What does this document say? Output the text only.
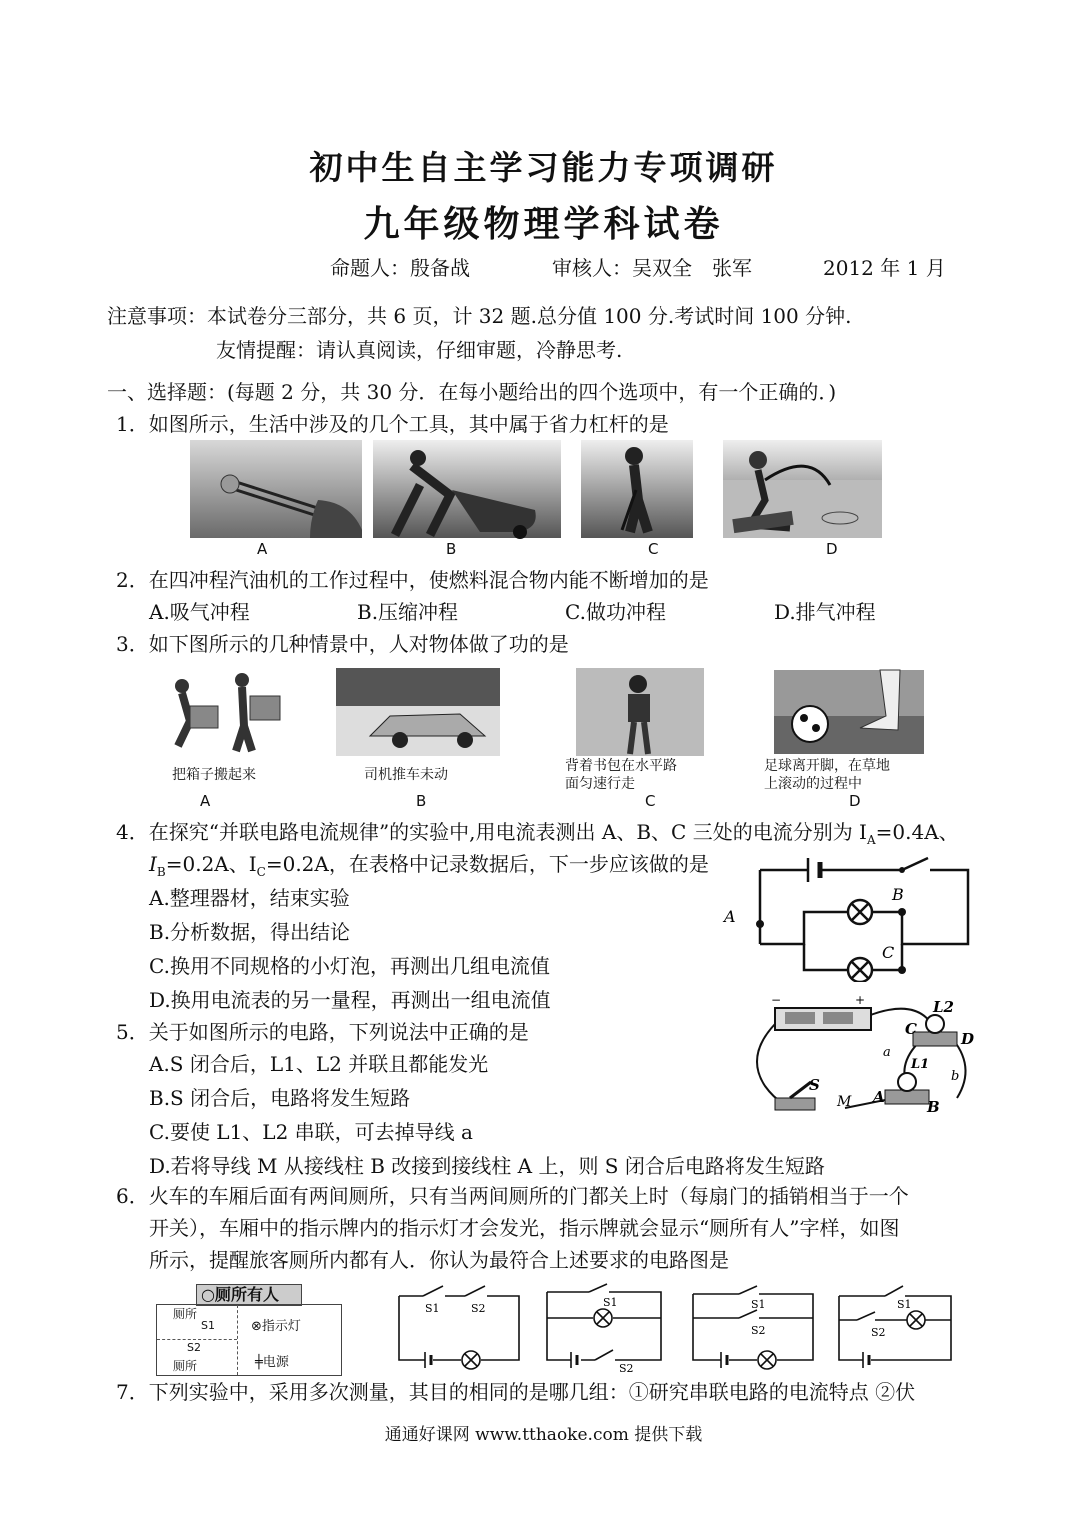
初中生自主学习能力专项调研
九年级物理学科试卷
命题人：殷备战	审核人：吴双全　张军	2012 年 1 月
注意事项：本试卷分三部分，共 6 页，计 32 题.总分值 100 分.考试时间 100 分钟.
友情提醒：请认真阅读，仔细审题，冷静思考.
一、选择题：(每题 2 分，共 30 分．在每小题给出的四个选项中，有一个正确的．)
1．如图所示，生活中涉及的几个工具，其中属于省力杠杆的是
A	B	C	D
2．在四冲程汽油机的工作过程中，使燃料混合物内能不断增加的是
A.吸气冲程	B.压缩冲程	C.做功冲程	D.排气冲程
3．如下图所示的几种情景中，人对物体做了功的是
把箱子搬起来	司机推车未动
背着书包在水平路
面匀速行走
足球离开脚，在草地
上滚动的过程中
A	B	C	D
4．在探究“并联电路电流规律”的实验中,用电流表测出 A、B、C 三处的电流分别为 $I_A=0.4A$、
$I_B=0.2A$、$I_C=0.2A$，在表格中记录数据后，下一步应该做的是
A.整理器材，结束实验
B.分析数据，得出结论
C.换用不同规格的小灯泡，再测出几组电流值
D.换用电流表的另一量程，再测出一组电流值
A
B
C
5．关于如图所示的电路，下列说法中正确的是
A.S 闭合后，L1、L2 并联且都能发光
B.S 闭合后，电路将发生短路
C.要使 L1、L2 串联，可去掉导线 a
D.若将导线 M 从接线柱 B 改接到接线柱 A 上，则 S 闭合后电路将发生短路
L2
C
D
a
L1
b
S
M A
B
+
−
6．火车的车厢后面有两间厕所，只有当两间厕所的门都关上时（每扇门的插销相当于一个
开关），车厢中的指示牌内的指示灯才会发光，指示牌就会显示“厕所有人”字样，如图
所示，提醒旅客厕所内都有人．你认为最符合上述要求的电路图是
○厕所有人
厕所
S1
S2
厕所
⊗指示灯
╪电源
S1	S2	S1
S2
S1
S2
S1
S2
7．下列实验中，采用多次测量，其目的相同的是哪几组：①研究串联电路的电流特点 ②伏
通通好课网 www.tthaoke.com 提供下载
